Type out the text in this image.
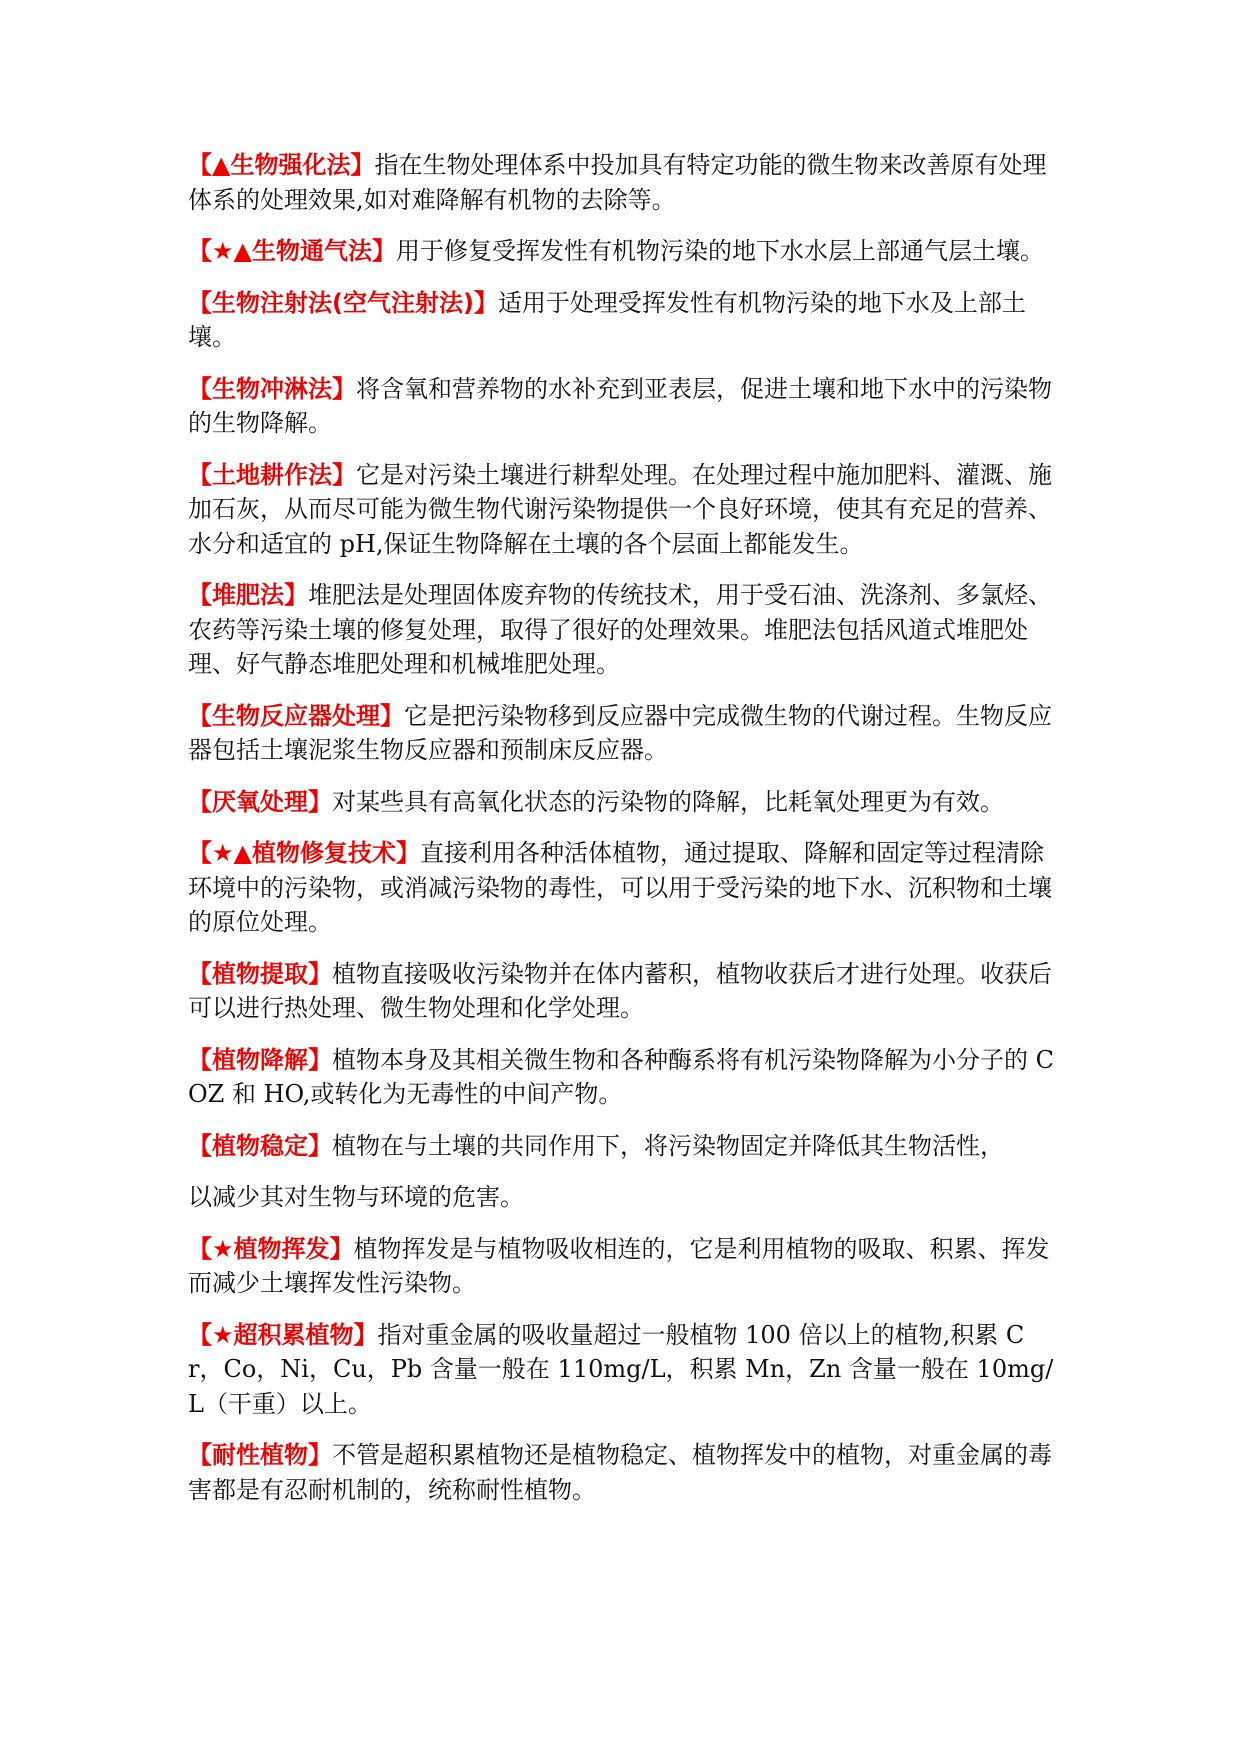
【▲生物强化法】指在生物处理体系中投加具有特定功能的微生物来改善原有处理体系的处理效果,如对难降解有机物的去除等。

【★▲生物通气法】用于修复受挥发性有机物污染的地下水水层上部通气层土壤。

【生物注射法(空气注射法)】适用于处理受挥发性有机物污染的地下水及上部土壤。

【生物冲淋法】将含氧和营养物的水补充到亚表层，促进土壤和地下水中的污染物的生物降解。

【土地耕作法】它是对污染土壤进行耕犁处理。在处理过程中施加肥料、灌溉、施加石灰，从而尽可能为微生物代谢污染物提供一个良好环境，使其有充足的营养、水分和适宜的 pH,保证生物降解在土壤的各个层面上都能发生。

【堆肥法】堆肥法是处理固体废弃物的传统技术，用于受石油、洗涤剂、多氯烃、农药等污染土壤的修复处理，取得了很好的处理效果。堆肥法包括风道式堆肥处理、好气静态堆肥处理和机械堆肥处理。

【生物反应器处理】它是把污染物移到反应器中完成微生物的代谢过程。生物反应器包括土壤泥浆生物反应器和预制床反应器。

【厌氧处理】对某些具有高氧化状态的污染物的降解，比耗氧处理更为有效。

【★▲植物修复技术】直接利用各种活体植物，通过提取、降解和固定等过程清除环境中的污染物，或消减污染物的毒性，可以用于受污染的地下水、沉积物和土壤的原位处理。

【植物提取】植物直接吸收污染物并在体内蓄积，植物收获后才进行处理。收获后可以进行热处理、微生物处理和化学处理。

【植物降解】植物本身及其相关微生物和各种酶系将有机污染物降解为小分子的 COZ 和 HO,或转化为无毒性的中间产物。

【植物稳定】植物在与土壤的共同作用下，将污染物固定并降低其生物活性，

以减少其对生物与环境的危害。

【★植物挥发】植物挥发是与植物吸收相连的，它是利用植物的吸取、积累、挥发而减少土壤挥发性污染物。

【★超积累植物】指对重金属的吸收量超过一般植物 100 倍以上的植物,积累 Cr，Co，Ni，Cu，Pb 含量一般在 110mg/L，积累 Mn，Zn 含量一般在 10mg/L（干重）以上。

【耐性植物】不管是超积累植物还是植物稳定、植物挥发中的植物，对重金属的毒害都是有忍耐机制的，统称耐性植物。
